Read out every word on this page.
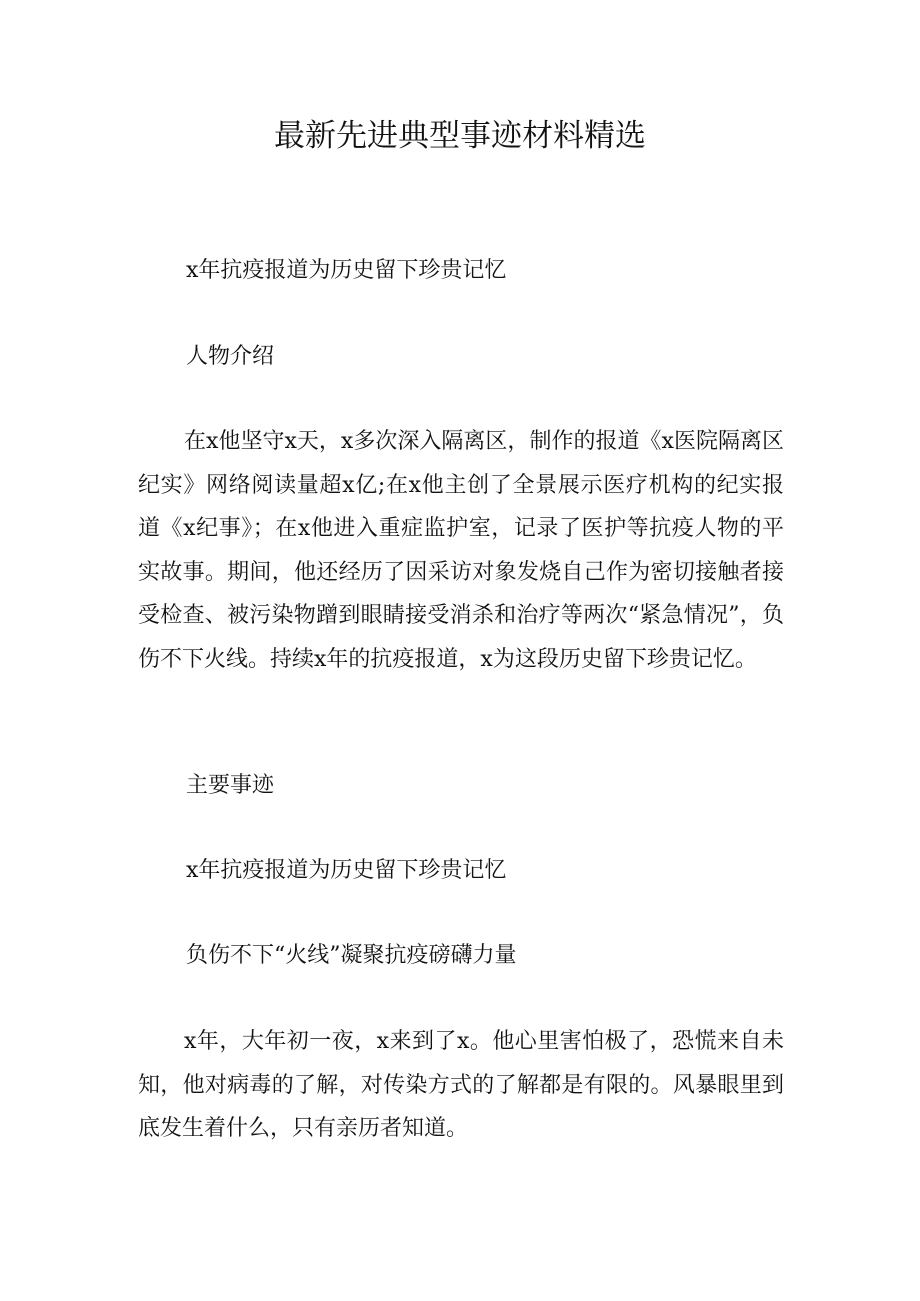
最新先进典型事迹材料精选

x年抗疫报道为历史留下珍贵记忆

人物介绍

在x他坚守x天，x多次深入隔离区，制作的报道《x医院隔离区纪实》网络阅读量超x亿;在x他主创了全景展示医疗机构的纪实报道《x纪事》；在x他进入重症监护室，记录了医护等抗疫人物的平实故事。期间，他还经历了因采访对象发烧自己作为密切接触者接受检查、被污染物蹭到眼睛接受消杀和治疗等两次“紧急情况”，负伤不下火线。持续x年的抗疫报道，x为这段历史留下珍贵记忆。

主要事迹

x年抗疫报道为历史留下珍贵记忆

负伤不下“火线”凝聚抗疫磅礴力量

x年，大年初一夜，x来到了x。他心里害怕极了，恐慌来自未知，他对病毒的了解，对传染方式的了解都是有限的。风暴眼里到底发生着什么，只有亲历者知道。
